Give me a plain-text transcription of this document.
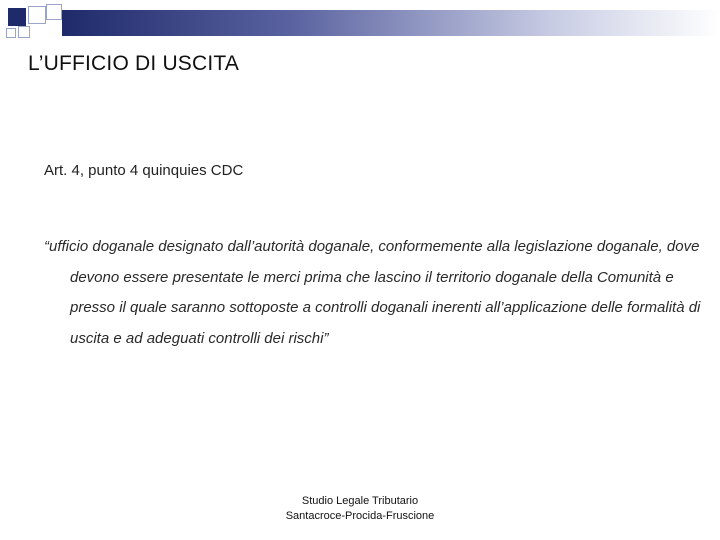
L’UFFICIO DI USCITA
Art. 4, punto 4 quinquies CDC
“ufficio doganale designato dall’autorità doganale, conformemente alla legislazione doganale, dove devono essere presentate le merci prima che lascino il territorio doganale della Comunità e presso il quale saranno sottoposte a controlli doganali inerenti all’applicazione delle formalità di uscita e ad adeguati controlli dei rischi”
Studio Legale Tributario
Santacroce-Procida-Fruscione
